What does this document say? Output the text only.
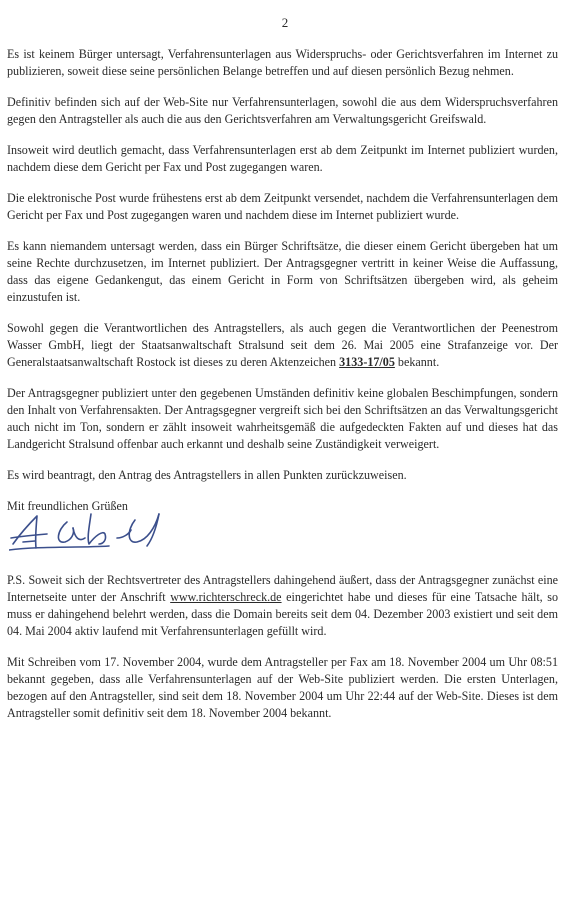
2

Es ist keinem Bürger untersagt, Verfahrensunterlagen aus Widerspruchs- oder Gerichtsverfahren im Internet zu publizieren, soweit diese seine persönlichen Belange betreffen und auf diesen persönlich Bezug nehmen.

Definitiv befinden sich auf der Web-Site nur Verfahrensunterlagen, sowohl die aus dem Widerspruchsverfahren gegen den Antragsteller als auch die aus den Gerichtsverfahren am Verwaltungsgericht Greifswald.

Insoweit wird deutlich gemacht, dass Verfahrensunterlagen erst ab dem Zeitpunkt im Internet publiziert wurden, nachdem diese dem Gericht per Fax und Post zugegangen waren.

Die elektronische Post wurde frühestens erst ab dem Zeitpunkt versendet, nachdem die Verfahrensunterlagen dem Gericht per Fax und Post zugegangen waren und nachdem diese im Internet publiziert wurde.

Es kann niemandem untersagt werden, dass ein Bürger Schriftsätze, die dieser einem Gericht übergeben hat um seine Rechte durchzusetzen, im Internet publiziert. Der Antragsgegner vertritt in keiner Weise die Auffassung, dass das eigene Gedankengut, das einem Gericht in Form von Schriftsätzen übergeben wird, als geheim einzustufen ist.

Sowohl gegen die Verantwortlichen des Antragstellers, als auch gegen die Verantwortlichen der Peenestrom Wasser GmbH, liegt der Staatsanwaltschaft Stralsund seit dem 26. Mai 2005 eine Strafanzeige vor. Der Generalstaatsanwaltschaft Rostock ist dieses zu deren Aktenzeichen 3133-17/05 bekannt.

Der Antragsgegner publiziert unter den gegebenen Umständen definitiv keine globalen Beschimpfungen, sondern den Inhalt von Verfahrensakten. Der Antragsgegner vergreift sich bei den Schriftsätzen an das Verwaltungsgericht auch nicht im Ton, sondern er zählt insoweit wahrheitsgemäß die aufgedeckten Fakten auf und dieses hat das Landgericht Stralsund offenbar auch erkannt und deshalb seine Zuständigkeit verweigert.

Es wird beantragt, den Antrag des Antragstellers in allen Punkten zurückzuweisen.

Mit freundlichen Grüßen

P.S. Soweit sich der Rechtsvertreter des Antragstellers dahingehend äußert, dass der Antragsgegner zunächst eine Internetseite unter der Anschrift www.richterschreck.de eingerichtet habe und dieses für eine Tatsache hält, so muss er dahingehend belehrt werden, dass die Domain bereits seit dem 04. Dezember 2003 existiert und seit dem 04. Mai 2004 aktiv laufend mit Verfahrensunterlagen gefüllt wird.

Mit Schreiben vom 17. November 2004, wurde dem Antragsteller per Fax am 18. November 2004 um Uhr 08:51 bekannt gegeben, dass alle Verfahrensunterlagen auf der Web-Site publiziert werden. Die ersten Unterlagen, bezogen auf den Antragsteller, sind seit dem 18. November 2004 um Uhr 22:44 auf der Web-Site. Dieses ist dem Antragsteller somit definitiv seit dem 18. November 2004 bekannt.
